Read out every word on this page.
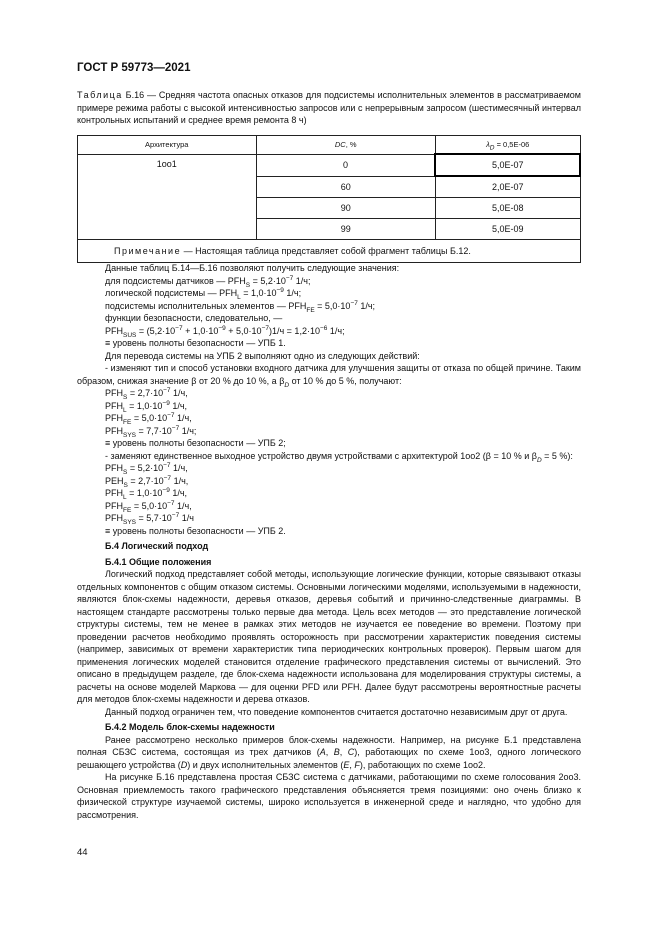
ГОСТ Р 59773—2021
Таблица Б.16 — Средняя частота опасных отказов для подсистемы исполнительных элементов в рассматриваемом примере режима работы с высокой интенсивностью запросов или с непрерывным запросом (шестимесячный интервал контрольных испытаний и среднее время ремонта 8 ч)
Архитектура	DC, %	$\lambda_D = 0,5E-06$
1oo1	0	5,0E-07
	60	2,0E-07
	90	5,0E-08
	99	5,0E-09
Примечание — Настоящая таблица представляет собой фрагмент таблицы Б.12.		

Данные таблиц Б.14—Б.16 позволяют получить следующие значения:

для подсистемы датчиков — $PFH_S = 5,2\cdot 10^{-7}$ 1/ч;

логической подсистемы — $PFH_L = 1,0\cdot 10^{-9}$ 1/ч;

подсистемы исполнительных элементов — $PFH_{FE} = 5,0\cdot 10^{-7}$ 1/ч;

функции безопасности, следовательно, —

$PFH_{SUS} = (5,2\cdot 10^{-7} + 1,0\cdot 10^{-9} + 5,0\cdot 10^{-7})1/ч = 1,2\cdot 10^{-6}$ 1/ч;

≡ уровень полноты безопасности — УПБ 1.

Для перевода системы на УПБ 2 выполняют одно из следующих действий:

- изменяют тип и способ установки входного датчика для улучшения защиты от отказа по общей причине. Таким образом, снижая значение β от 20 % до 10 %, а $\beta_D$ от 10 % до 5 %, получают:

$PFH_S = 2,7\cdot 10^{-7}$ 1/ч,

$PFH_L = 1,0\cdot 10^{-9}$ 1/ч,

$PFH_{FE} = 5,0\cdot 10^{-7}$ 1/ч,

$PFH_{SYS} = 7,7\cdot 10^{-7}$ 1/ч;

≡ уровень полноты безопасности — УПБ 2;

- заменяют единственное выходное устройство двумя устройствами с архитектурой 1oo2 (β = 10 % и $\beta_D = 5$ %):

$PFH_S = 5,2\cdot 10^{-7}$ 1/ч,

$PEH_S = 2,7\cdot 10^{-7}$ 1/ч,

$PFH_L = 1,0\cdot 10^{-9}$ 1/ч,

$PFH_{FE} = 5,0\cdot 10^{-7}$ 1/ч,

$PFH_{SYS} = 5,7\cdot 10^{-7}$ 1/ч

≡ уровень полноты безопасности — УПБ 2.

Б.4 Логический подход

Б.4.1 Общие положения

Логический подход представляет собой методы, использующие логические функции, которые связывают отказы отдельных компонентов с общим отказом системы. Основными логическими моделями, используемыми в надежности, являются блок-схемы надежности, деревья отказов, деревья событий и причинно-следственные диаграммы. В настоящем стандарте рассмотрены только первые два метода. Цель всех методов — это представление логической структуры системы, тем не менее в рамках этих методов не изучается ее поведение во времени. Поэтому при проведении расчетов необходимо проявлять осторожность при рассмотрении характеристик поведения системы (например, зависимых от времени характеристик типа периодических контрольных проверок). Первым шагом для применения логических моделей становится отделение графического представления системы от вычислений. Это описано в предыдущем разделе, где блок-схема надежности использована для моделирования структуры системы, а расчеты на основе моделей Маркова — для оценки PFD или PFH. Далее будут рассмотрены вероятностные расчеты для методов блок-схемы надежности и дерева отказов.

Данный подход ограничен тем, что поведение компонентов считается достаточно независимым друг от друга.

Б.4.2 Модель блок-схемы надежности

Ранее рассмотрено несколько примеров блок-схемы надежности. Например, на рисунке Б.1 представлена полная СБЗС система, состоящая из трех датчиков (A, B, C), работающих по схеме 1oo3, одного логического решающего устройства (D) и двух исполнительных элементов (E, F), работающих по схеме 1oo2.

На рисунке Б.16 представлена простая СБЗС система с датчиками, работающими по схеме голосования 2oo3. Основная приемлемость такого графического представления объясняется тремя позициями: оно очень близко к физической структуре изучаемой системы, широко используется в инженерной среде и наглядно, что удобно для рассмотрения.

44
